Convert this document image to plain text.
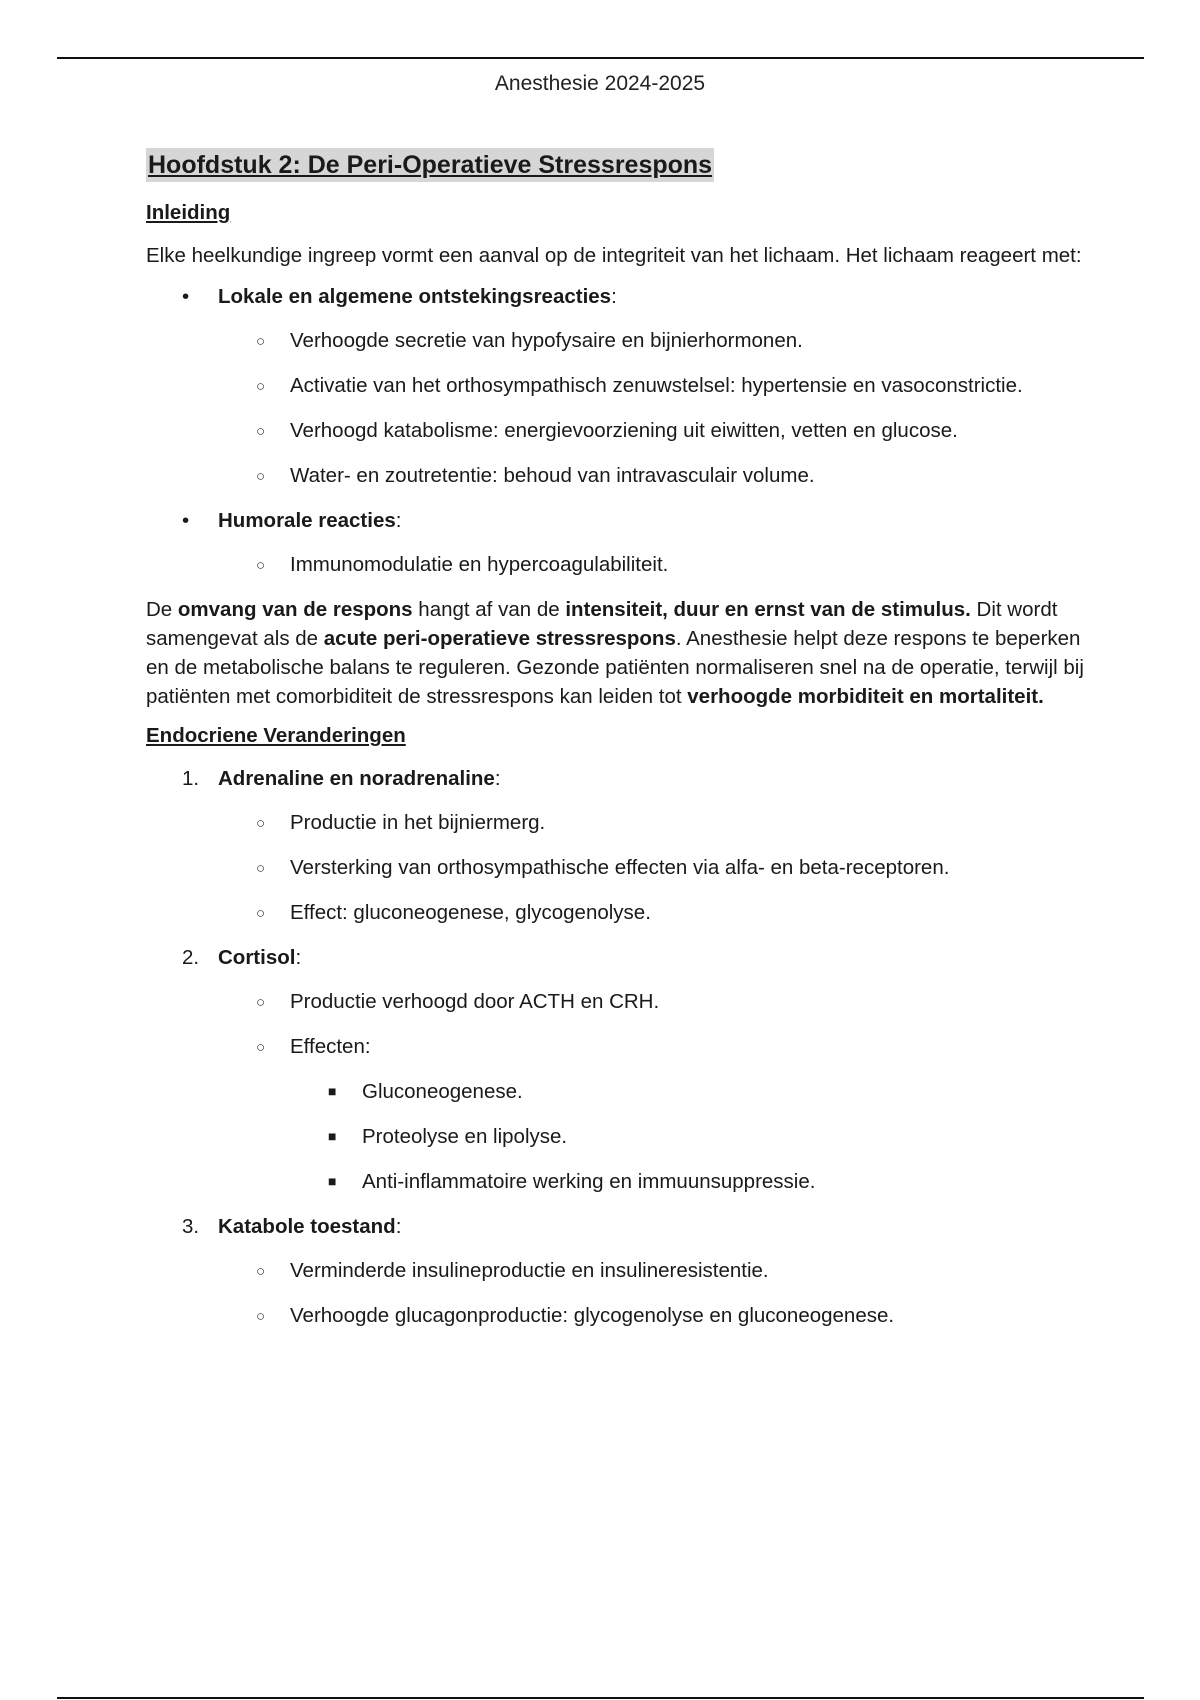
Anesthesie 2024-2025
Hoofdstuk 2: De Peri-Operatieve Stressrespons
Inleiding

Elke heelkundige ingreep vormt een aanval op de integriteit van het lichaam. Het lichaam reageert met:

•	Lokale en algemene ontstekingsreacties:
○ Verhoogde secretie van hypofysaire en bijnierhormonen.
○ Activatie van het orthosympathisch zenuwstelsel: hypertensie en vasoconstrictie.
○ Verhoogd katabolisme: energievoorziening uit eiwitten, vetten en glucose.
○ Water- en zoutretentie: behoud van intravasculair volume.
•	Humorale reacties:
○ Immunomodulatie en hypercoagulabiliteit.

De omvang van de respons hangt af van de intensiteit, duur en ernst van de stimulus. Dit wordt samengevat als de acute peri-operatieve stressrespons. Anesthesie helpt deze respons te beperken en de metabolische balans te reguleren. Gezonde patiënten normaliseren snel na de operatie, terwijl bij patiënten met comorbiditeit de stressrespons kan leiden tot verhoogde morbiditeit en mortaliteit.

Endocriene Veranderingen
1. Adrenaline en noradrenaline:
○ Productie in het bijniermerg.
○ Versterking van orthosympathische effecten via alfa- en beta-receptoren.
○ Effect: gluconeogenese, glycogenolyse.
2. Cortisol:
○ Productie verhoogd door ACTH en CRH.
○ Effecten:
■ Gluconeogenese.
■ Proteolyse en lipolyse.
■ Anti-inflammatoire werking en immuunsuppressie.
3. Katabole toestand:
○ Verminderde insulineproductie en insulineresistentie.
○ Verhoogde glucagonproductie: glycogenolyse en gluconeogenese.
